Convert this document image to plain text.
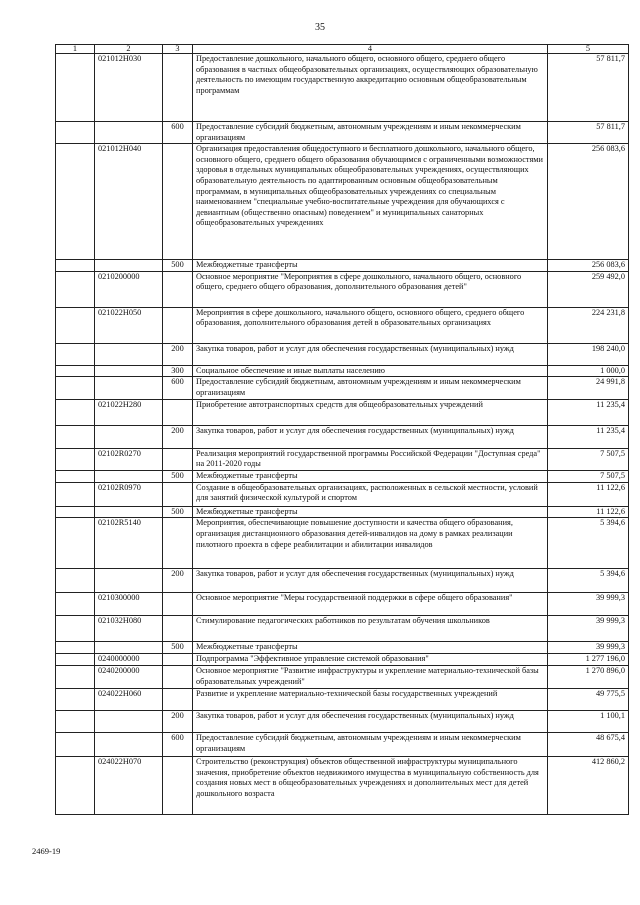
35
1	2	3	4	5
	021012Н030		Предоставление дошкольного, начального общего, основного общего, среднего общего образования в частных общеобразовательных организациях, осуществляющих образовательную деятельность по имеющим государственную аккредитацию основным общеобразовательным программам	57 811,7
		600	Предоставление субсидий бюджетным, автономным учреждениям и иным некоммерческим организациям	57 811,7
	021012Н040		Организация предоставления общедоступного и бесплатного дошкольного, начального общего, основного общего, среднего общего образования обучающимся с ограниченными возможностями здоровья в отдельных муниципальных общеобразовательных учреждениях, осуществляющих образовательную деятельность по адаптированным основным общеобразовательным программам, в муниципальных общеобразовательных учреждениях со специальным наименованием "специальные учебно-воспитательные учреждения для обучающихся с девиантным (общественно опасным) поведением" и муниципальных санаторных общеобразовательных учреждениях	256 083,6
		500	Межбюджетные трансферты	256 083,6
	0210200000		Основное мероприятие "Мероприятия в сфере дошкольного, начального общего, основного общего, среднего общего образования, дополнительного образования детей"	259 492,0
	021022Н050		Мероприятия в сфере дошкольного, начального общего, основного общего, среднего общего образования, дополнительного образования детей в образовательных организациях	224 231,8
		200	Закупка товаров, работ и услуг для обеспечения государственных (муниципальных) нужд	198 240,0
		300	Социальное обеспечение и иные выплаты населению	1 000,0
		600	Предоставление субсидий бюджетным, автономным учреждениям и иным некоммерческим организациям	24 991,8
	021022Н280		Приобретение автотранспортных средств для общеобразовательных учреждений	11 235,4
		200	Закупка товаров, работ и услуг для обеспечения государственных (муниципальных) нужд	11 235,4
	02102R0270		Реализация мероприятий государственной программы Российской Федерации "Доступная среда" на 2011-2020 годы	7 507,5
		500	Межбюджетные трансферты	7 507,5
	02102R0970		Создание в общеобразовательных организациях, расположенных в сельской местности, условий для занятий физической культурой и спортом	11 122,6
		500	Межбюджетные трансферты	11 122,6
	02102R5140		Мероприятия, обеспечивающие повышение доступности и качества общего образования, организация дистанционного образования детей-инвалидов на дому в рамках реализации пилотного проекта в сфере реабилитации и абилитации инвалидов	5 394,6
		200	Закупка товаров, работ и услуг для обеспечения государственных (муниципальных) нужд	5 394,6
	0210300000		Основное мероприятие "Меры государственной поддержки в сфере общего образования"	39 999,3
	021032Н080		Стимулирование педагогических работников по результатам обучения школьников	39 999,3
		500	Межбюджетные трансферты	39 999,3
	0240000000		Подпрограмма "Эффективное управление системой образования"	1 277 196,0
	0240200000		Основное мероприятие "Развитие инфраструктуры и укрепление материально-технической базы образовательных учреждений"	1 270 896,0
	024022Н060		Развитие и укрепление материально-технической базы государственных учреждений	49 775,5
		200	Закупка товаров, работ и услуг для обеспечения государственных (муниципальных) нужд	1 100,1
		600	Предоставление субсидий бюджетным, автономным учреждениям и иным некоммерческим организациям	48 675,4
	024022Н070		Строительство (реконструкция) объектов общественной инфраструктуры муниципального значения, приобретение объектов недвижимого имущества в муниципальную собственность для создания новых мест в общеобразовательных учреждениях и дополнительных мест для детей дошкольного возраста	412 860,2
2469-19
